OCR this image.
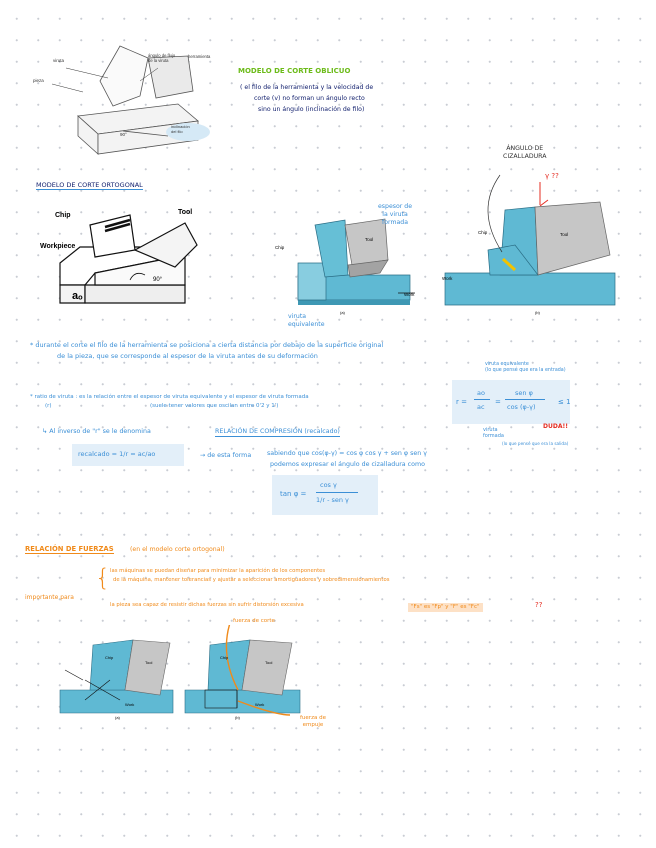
viruta
ángulo de flujo
de la viruta
herramienta
pieza
90°
inclinación
del filo
MODELO DE CORTE OBLICUO
( el filo de la herramienta y la velocidad de
corte (v) no forman un ángulo recto
sino un ángulo (inclinación de filo)
MODELO DE CORTE ORTOGONAL
Chip	Tool
Workpiece
90°
aₒ
Chip
Tool
Work
(a)
espesor de
la viruta
formada
viruta
equivalente
Chip	Tool
Work
(b)
ÁNGULO DE
CIZALLADURA
γ ??
* durante el corte el filo de la herramienta se posiciona a cierta distancia por debajo de la superficie original
de la pieza, que se corresponde al espesor de la viruta antes de su deformación
* ratio de viruta : es la relación entre el espesor de viruta equivalente y el espesor de viruta formada
(r)	(suele tener valores que oscilan entre 0'2 y 1')
↳ Al inverso de "r" se le denomina	RELACIÓN DE COMPRESIÓN (recalcado)
recalcado = 1/r = ac/ao	→ de esta forma	sabiendo que cos(φ-γ) = cos φ cos γ + sen φ sen γ
podemos expresar el ángulo de cizalladura como
tan φ =
cos γ
1/r - sen γ
viruta equivalente
(lo que pensé que era la entrada)
r =
ao
ac
=
sen φ
cos (φ-γ)
≤ 1
viruta
formada
(lo que pensé que era la salida)
DUDA!!
RELACIÓN DE FUERZAS	(en el modelo corte ortogonal)
importante para
{ las máquinas se puedan diseñar para minimizar la aparición de los componentes
de la máquina, mantener tolerancias y ajustar a seleccionar amortiguadores y sobredimensionamientos
la pieza sea capaz de resistir dichas fuerzas sin sufrir distorsión excesiva	"Fs" es "Fp" y "F" es "Fc"	??
Chip
Tool
Work
(a)
Chip
Tool
Work
(b)
fuerza de corte
fuerza de
empuje
